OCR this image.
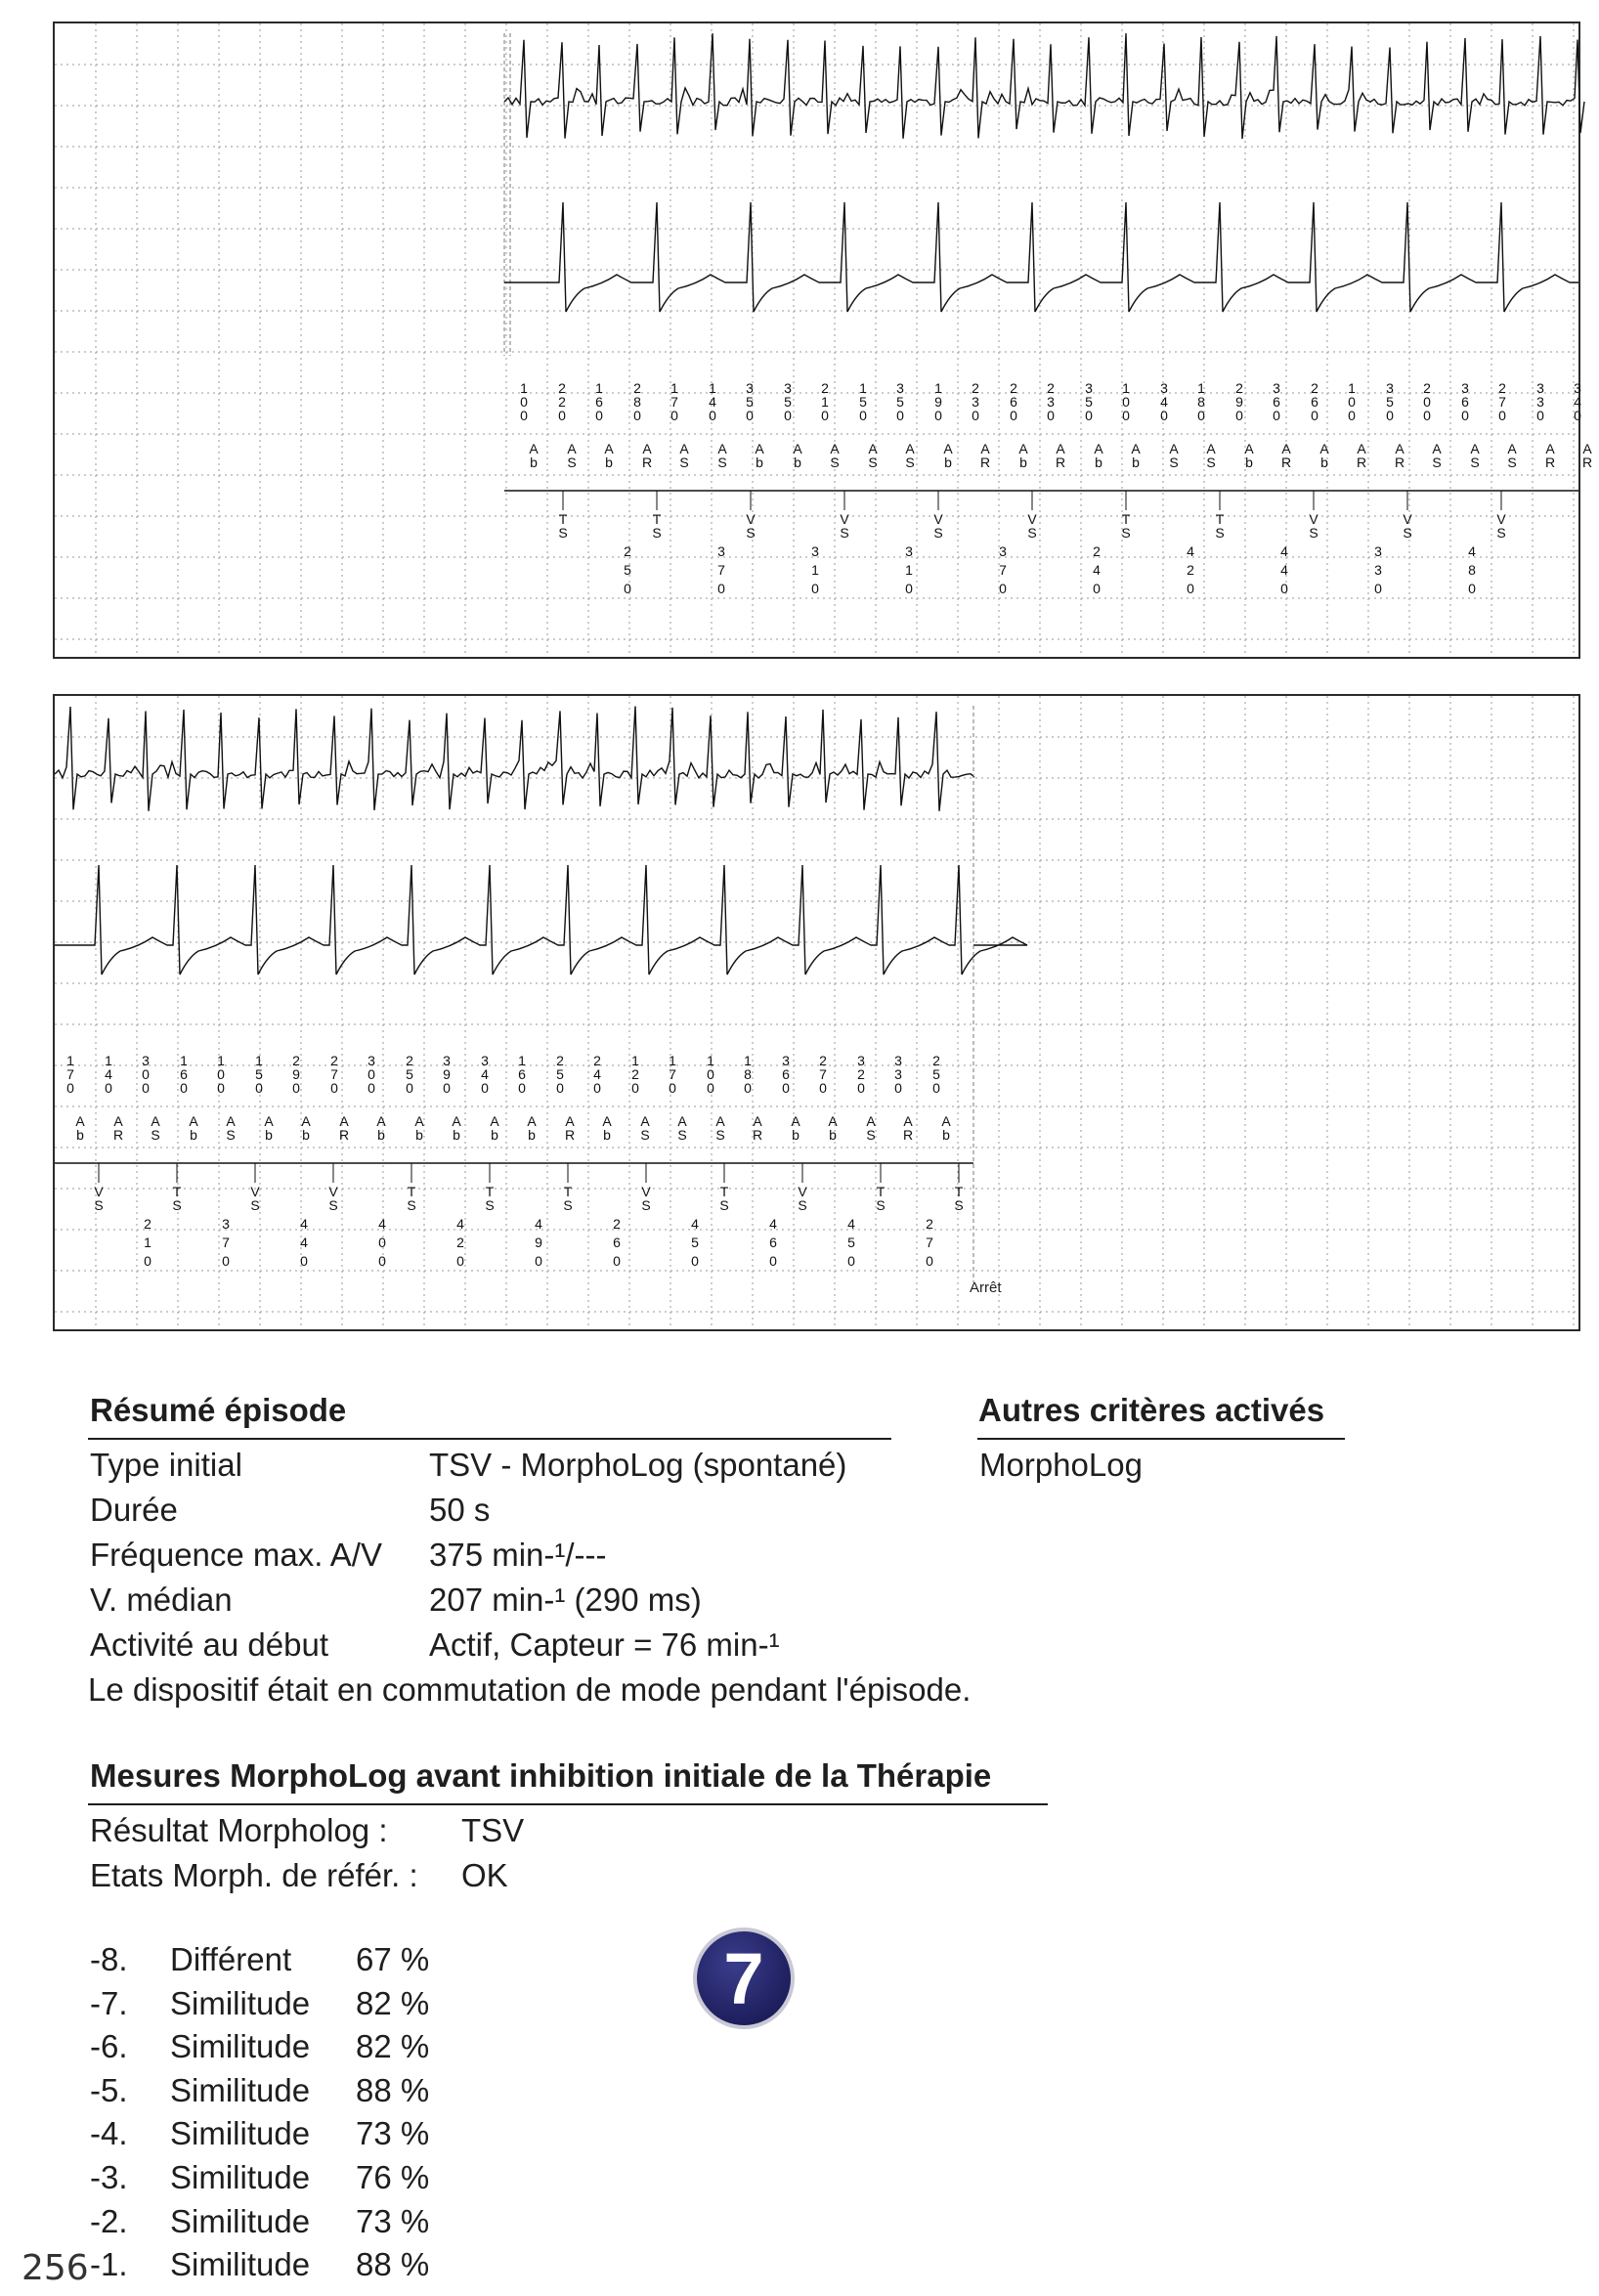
1
0
0
A
b
2
2
0
A
S
1
6
0
A
b
2
8
0
A
R
1
7
0
A
S
1
4
0
A
S
3
5
0
A
b
3
5
0
A
b
2
1
0
A
S
1
5
0
A
S
3
5
0
A
S
1
9
0
A
b
2
3
0
A
R
2
6
0
A
b
2
3
0
A
R
3
5
0
A
b
1
0
0
A
b
3
4
0
A
S
1
8
0
A
S
2
9
0
A
b
3
6
0
A
R
2
6
0
A
b
1
0
0
A
R
3
5
0
A
R
2
0
0
A
S
3
6
0
A
S
2
7
0
A
S
3
3
0
A
R
3
4
0
A
R
T
S
T
S
V
S
V
S
V
S
V
S
T
S
T
S
V
S
V
S
V
S
2
5
0
3
7
0
3
1
0
3
1
0
3
7
0
2
4
0
4
2
0
4
4
0
3
3
0
4
8
0
1
7
0
A
b
1
4
0
A
R
3
0
0
A
S
1
6
0
A
b
1
0
0
A
S
1
5
0
A
b
2
9
0
A
b
2
7
0
A
R
3
0
0
A
b
2
5
0
A
b
3
9
0
A
b
3
4
0
A
b
1
6
0
A
b
2
5
0
A
R
2
4
0
A
b
1
2
0
A
S
1
7
0
A
S
1
0
0
A
S
1
8
0
A
R
3
6
0
A
b
2
7
0
A
b
3
2
0
A
S
3
3
0
A
R
2
5
0
A
b
V
S
T
S
V
S
V
S
T
S
T
S
T
S
V
S
T
S
V
S
T
S
T
S
2
1
0
3
7
0
4
4
0
4
0
0
4
2
0
4
9
0
2
6
0
4
5
0
4
6
0
4
5
0
2
7
0
Arrêt
Résumé épisode	Autres critères activés
MorphoLog
Type initial	TSV - MorphoLog (spontané)
Durée	50 s
Fréquence max. A/V 375 min-¹/---
V. médian	207 min-¹ (290 ms)
Activité au début	Actif, Capteur = 76 min-¹
Le dispositif était en commutation de mode pendant l'épisode.
Mesures MorphoLog avant inhibition initiale de la Thérapie
Résultat Morpholog : TSV
Etats Morph. de référ. : OK
-8. Différent 67 %
-7. Similitude 82 %
-6. Similitude 82 %
-5. Similitude 88 %
-4. Similitude 73 %
-3. Similitude 76 %
-2. Similitude 73 %
-1. Similitude 88 %
7
256
